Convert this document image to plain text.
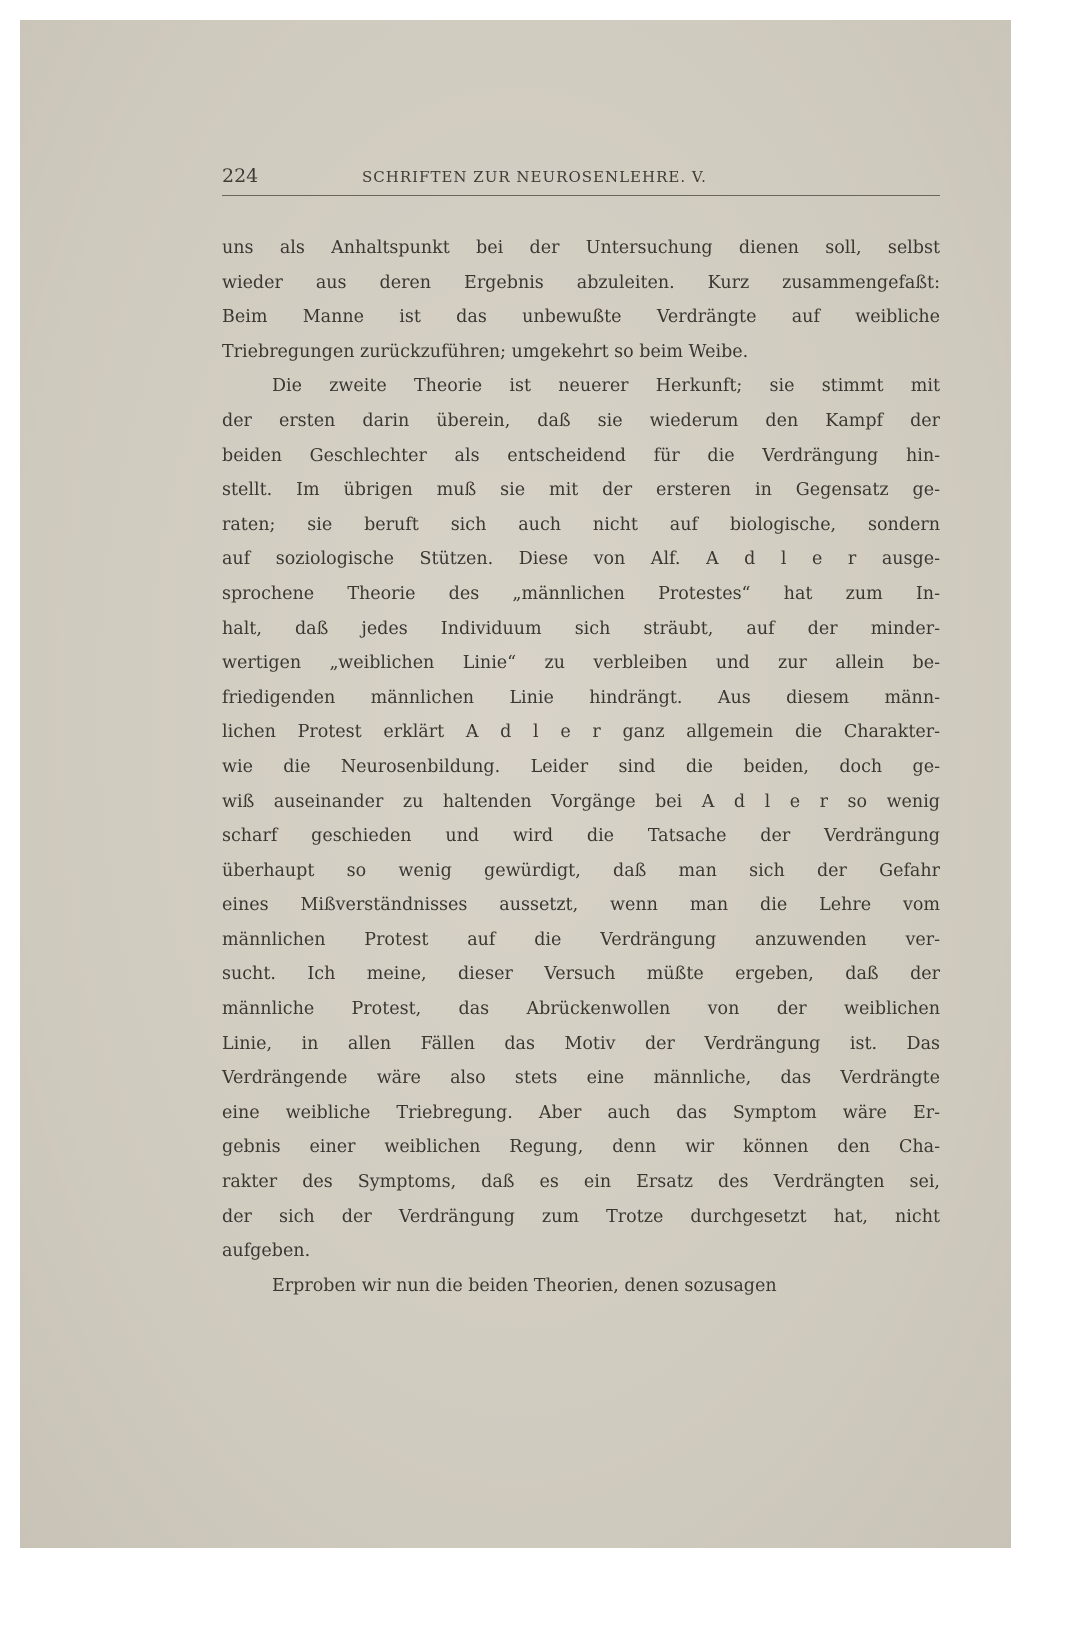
224	SCHRIFTEN ZUR NEUROSENLEHRE. V.
uns als Anhaltspunkt bei der Untersuchung dienen soll, selbst
wieder aus deren Ergebnis abzuleiten. Kurz zusammengefaßt:
Beim Manne ist das unbewußte Verdrängte auf weibliche
Triebregungen zurückzuführen; umgekehrt so beim Weibe.
Die zweite Theorie ist neuerer Herkunft; sie stimmt mit
der ersten darin überein, daß sie wiederum den Kampf der
beiden Geschlechter als entscheidend für die Verdrängung hin-
stellt. Im übrigen muß sie mit der ersteren in Gegensatz ge-
raten; sie beruft sich auch nicht auf biologische, sondern
auf soziologische Stützen. Diese von Alf. A d l e r ausge-
sprochene Theorie des „männlichen Protestes“ hat zum In-
halt, daß jedes Individuum sich sträubt, auf der minder-
wertigen „weiblichen Linie“ zu verbleiben und zur allein be-
friedigenden männlichen Linie hindrängt. Aus diesem männ-
lichen Protest erklärt A d l e r ganz allgemein die Charakter-
wie die Neurosenbildung. Leider sind die beiden, doch ge-
wiß auseinander zu haltenden Vorgänge bei A d l e r so wenig
scharf geschieden und wird die Tatsache der Verdrängung
überhaupt so wenig gewürdigt, daß man sich der Gefahr
eines Mißverständnisses aussetzt, wenn man die Lehre vom
männlichen Protest auf die Verdrängung anzuwenden ver-
sucht. Ich meine, dieser Versuch müßte ergeben, daß der
männliche Protest, das Abrückenwollen von der weiblichen
Linie, in allen Fällen das Motiv der Verdrängung ist. Das
Verdrängende wäre also stets eine männliche, das Verdrängte
eine weibliche Triebregung. Aber auch das Symptom wäre Er-
gebnis einer weiblichen Regung, denn wir können den Cha-
rakter des Symptoms, daß es ein Ersatz des Verdrängten sei,
der sich der Verdrängung zum Trotze durchgesetzt hat, nicht
aufgeben.
Erproben wir nun die beiden Theorien, denen sozusagen
